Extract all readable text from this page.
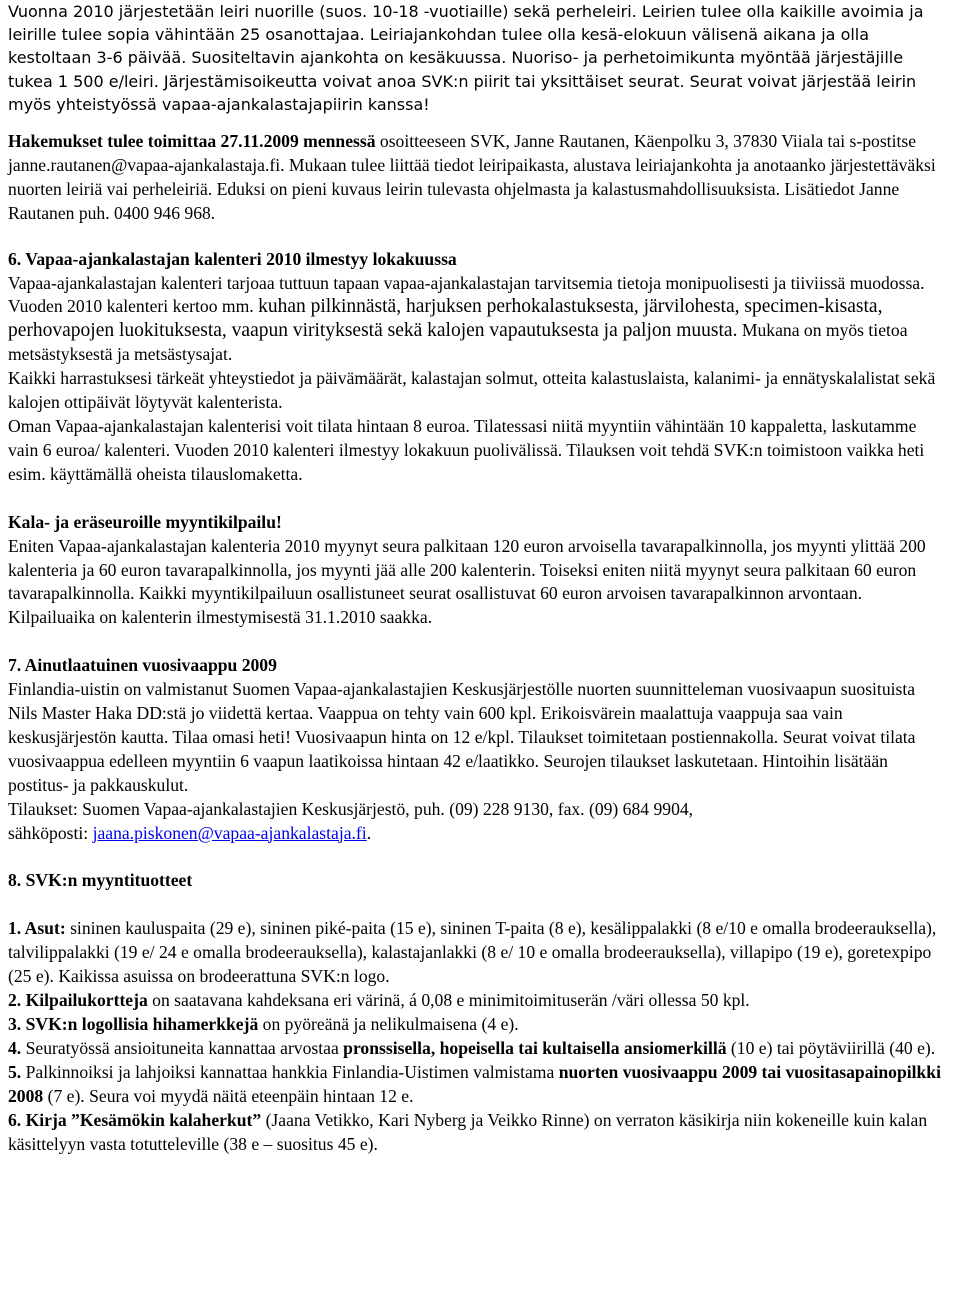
Vuonna 2010 järjestetään leiri nuorille (suos. 10-18 -vuotiaille) sekä perheleiri. Leirien tulee olla kaikille avoimia ja leirille tulee sopia vähintään 25 osanottajaa. Leiriajankohdan tulee olla kesä-elokuun välisenä aikana ja olla kestoltaan 3-6 päivää. Suositeltavin ajankohta on kesäkuussa. Nuoriso- ja perhetoimikunta myöntää järjestäjille tukea 1 500 e/leiri. Järjestämisoikeutta voivat anoa SVK:n piirit tai yksittäiset seurat. Seurat voivat järjestää leirin myös yhteistyössä vapaa-ajankalastajapiirin kanssa!

Hakemukset tulee toimittaa 27.11.2009 mennessä osoitteeseen SVK, Janne Rautanen, Käenpolku 3, 37830 Viiala tai s-postitse janne.rautanen@vapaa-ajankalastaja.fi. Mukaan tulee liittää tiedot leiripaikasta, alustava leiriajankohta ja anotaanko järjestettäväksi nuorten leiriä vai perheleiriä. Eduksi on pieni kuvaus leirin tulevasta ohjelmasta ja kalastusmahdollisuuksista. Lisätiedot Janne Rautanen puh. 0400 946 968.

6. Vapaa-ajankalastajan kalenteri 2010 ilmestyy lokakuussa

Vapaa-ajankalastajan kalenteri tarjoaa tuttuun tapaan vapaa-ajankalastajan tarvitsemia tietoja monipuolisesti ja tiiviissä muodossa. Vuoden 2010 kalenteri kertoo mm. kuhan pilkinnästä, harjuksen perhokalastuksesta, järvilohesta, specimen-kisasta, perhovapojen luokituksesta, vaapun virityksestä sekä kalojen vapautuksesta ja paljon muusta. Mukana on myös tietoa metsästyksestä ja metsästysajat.

Kaikki harrastuksesi tärkeät yhteystiedot ja päivämäärät, kalastajan solmut, otteita kalastuslaista, kalanimi- ja ennätyskalalistat sekä kalojen ottipäivät löytyvät kalenterista.

Oman Vapaa-ajankalastajan kalenterisi voit tilata hintaan 8 euroa. Tilatessasi niitä myyntiin vähintään 10 kappaletta, laskutamme vain 6 euroa/ kalenteri. Vuoden 2010 kalenteri ilmestyy lokakuun puolivälissä. Tilauksen voit tehdä SVK:n toimistoon vaikka heti esim. käyttämällä oheista tilauslomaketta.

Kala- ja eräseuroille myyntikilpailu!

Eniten Vapaa-ajankalastajan kalenteria 2010 myynyt seura palkitaan 120 euron arvoisella tavarapalkinnolla, jos myynti ylittää 200 kalenteria ja 60 euron tavarapalkinnolla, jos myynti jää alle 200 kalenterin. Toiseksi eniten niitä myynyt seura palkitaan 60 euron tavarapalkinnolla. Kaikki myyntikilpailuun osallistuneet seurat osallistuvat 60 euron arvoisen tavarapalkinnon arvontaan. Kilpailuaika on kalenterin ilmestymisestä 31.1.2010 saakka.

7. Ainutlaatuinen vuosivaappu 2009

Finlandia-uistin on valmistanut Suomen Vapaa-ajankalastajien Keskusjärjestölle nuorten suunnitteleman vuosivaapun suosituista Nils Master Haka DD:stä jo viidettä kertaa. Vaappua on tehty vain 600 kpl. Erikoisvärein maalattuja vaappuja saa vain keskusjärjestön kautta. Tilaa omasi heti! Vuosivaapun hinta on 12 e/kpl. Tilaukset toimitetaan postiennakolla. Seurat voivat tilata vuosivaappua edelleen myyntiin 6 vaapun laatikoissa hintaan 42 e/laatikko. Seurojen tilaukset laskutetaan. Hintoihin lisätään postitus- ja pakkauskulut.

Tilaukset: Suomen Vapaa-ajankalastajien Keskusjärjestö, puh. (09) 228 9130, fax. (09) 684 9904,
sähköposti: jaana.piskonen@vapaa-ajankalastaja.fi.

8. SVK:n myyntituotteet

1. Asut: sininen kauluspaita (29 e), sininen piké-paita (15 e), sininen T-paita (8 e), kesälippalakki (8 e/10 e omalla brodeerauksella), talvilippalakki (19 e/ 24 e omalla brodeerauksella), kalastajanlakki (8 e/ 10 e omalla brodeerauksella), villapipo (19 e), goretexpipo (25 e). Kaikissa asuissa on brodeerattuna SVK:n logo.

2. Kilpailukortteja on saatavana kahdeksana eri värinä, á 0,08 e minimitoimituserän /väri ollessa 50 kpl.

3. SVK:n logollisia hihamerkkejä on pyöreänä ja nelikulmaisena (4 e).

4. Seuratyössä ansioituneita kannattaa arvostaa pronssisella, hopeisella tai kultaisella ansiomerkillä (10 e) tai pöytäviirillä (40 e).

5. Palkinnoiksi ja lahjoiksi kannattaa hankkia Finlandia-Uistimen valmistama nuorten vuosivaappu 2009 tai vuositasapainopilkki 2008 (7 e). Seura voi myydä näitä eteenpäin hintaan 12 e.

6. Kirja ”Kesämökin kalaherkut” (Jaana Vetikko, Kari Nyberg ja Veikko Rinne) on verraton käsikirja niin kokeneille kuin kalan käsittelyyn vasta totutteleville (38 e – suositus 45 e).
